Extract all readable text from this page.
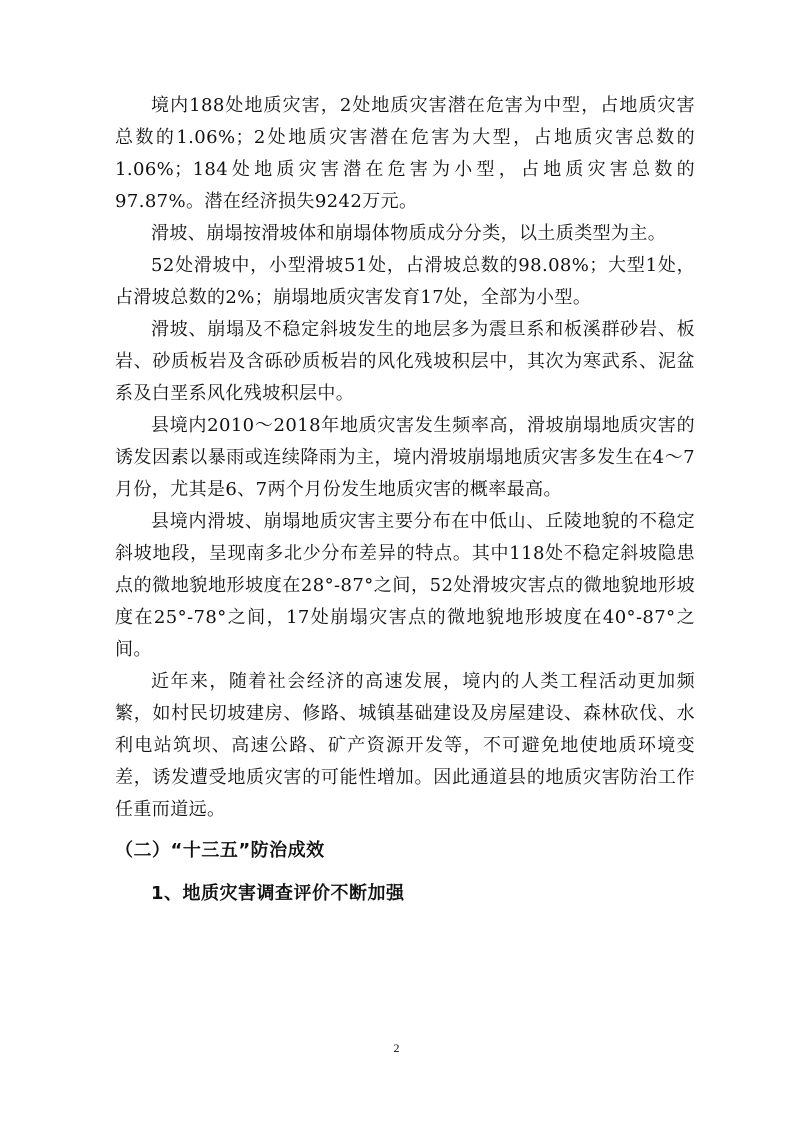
境内188处地质灾害，2处地质灾害潜在危害为中型，占地质灾害总数的1.06%；2处地质灾害潜在危害为大型，占地质灾害总数的1.06%；184处地质灾害潜在危害为小型，占地质灾害总数的97.87%。潜在经济损失9242万元。

滑坡、崩塌按滑坡体和崩塌体物质成分分类，以土质类型为主。

52处滑坡中，小型滑坡51处，占滑坡总数的98.08%；大型1处，占滑坡总数的2%；崩塌地质灾害发育17处，全部为小型。

滑坡、崩塌及不稳定斜坡发生的地层多为震旦系和板溪群砂岩、板岩、砂质板岩及含砾砂质板岩的风化残坡积层中，其次为寒武系、泥盆系及白垩系风化残坡积层中。

县境内2010～2018年地质灾害发生频率高，滑坡崩塌地质灾害的诱发因素以暴雨或连续降雨为主，境内滑坡崩塌地质灾害多发生在4～7月份，尤其是6、7两个月份发生地质灾害的概率最高。

县境内滑坡、崩塌地质灾害主要分布在中低山、丘陵地貌的不稳定斜坡地段，呈现南多北少分布差异的特点。其中118处不稳定斜坡隐患点的微地貌地形坡度在28°-87°之间，52处滑坡灾害点的微地貌地形坡度在25°-78°之间，17处崩塌灾害点的微地貌地形坡度在40°-87°之间。

近年来，随着社会经济的高速发展，境内的人类工程活动更加频繁，如村民切坡建房、修路、城镇基础建设及房屋建设、森林砍伐、水利电站筑坝、高速公路、矿产资源开发等，不可避免地使地质环境变差，诱发遭受地质灾害的可能性增加。因此通道县的地质灾害防治工作任重而道远。

（二）“十三五”防治成效
1、地质灾害调查评价不断加强
2
